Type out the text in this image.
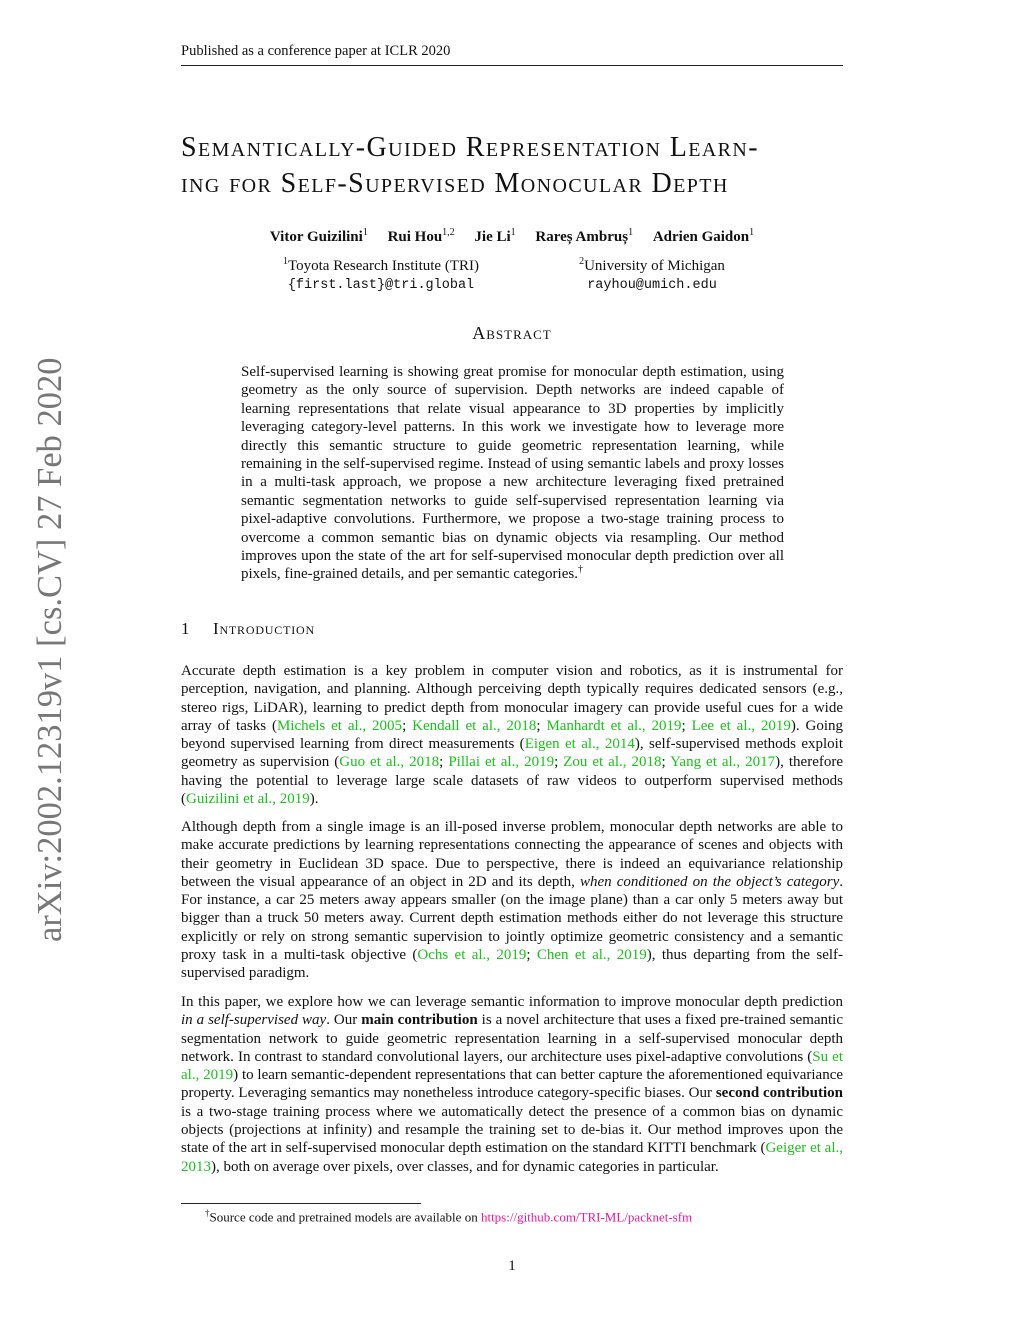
Published as a conference paper at ICLR 2020
arXiv:2002.12319v1 [cs.CV] 27 Feb 2020
Semantically-Guided Representation Learn-
ing for Self-Supervised Monocular Depth
Vitor Guizilini$^1$ Rui Hou$^{1,2}$ Jie Li$^1$ Rareș Ambruș$^1$ Adrien Gaidon$^1$
$^1$Toyota Research Institute (TRI)
{first.last}@tri.global
$^2$University of Michigan
rayhou@umich.edu
Abstract
Self-supervised learning is showing great promise for monocular depth estimation, using geometry as the only source of supervision. Depth networks are indeed capable of learning representations that relate visual appearance to 3D properties by implicitly leveraging category-level patterns. In this work we investigate how to leverage more directly this semantic structure to guide geometric representation learning, while remaining in the self-supervised regime. Instead of using semantic labels and proxy losses in a multi-task approach, we propose a new architecture leveraging fixed pretrained semantic segmentation networks to guide self-supervised representation learning via pixel-adaptive convolutions. Furthermore, we propose a two-stage training process to overcome a common semantic bias on dynamic objects via resampling. Our method improves upon the state of the art for self-supervised monocular depth prediction over all pixels, fine-grained details, and per semantic categories.†
1 Introduction
Accurate depth estimation is a key problem in computer vision and robotics, as it is instrumental for perception, navigation, and planning. Although perceiving depth typically requires dedicated sensors (e.g., stereo rigs, LiDAR), learning to predict depth from monocular imagery can provide useful cues for a wide array of tasks (Michels et al., 2005; Kendall et al., 2018; Manhardt et al., 2019; Lee et al., 2019). Going beyond supervised learning from direct measurements (Eigen et al., 2014), self-supervised methods exploit geometry as supervision (Guo et al., 2018; Pillai et al., 2019; Zou et al., 2018; Yang et al., 2017), therefore having the potential to leverage large scale datasets of raw videos to outperform supervised methods (Guizilini et al., 2019).
Although depth from a single image is an ill-posed inverse problem, monocular depth networks are able to make accurate predictions by learning representations connecting the appearance of scenes and objects with their geometry in Euclidean 3D space. Due to perspective, there is indeed an equivariance relationship between the visual appearance of an object in 2D and its depth, when conditioned on the object’s category. For instance, a car 25 meters away appears smaller (on the image plane) than a car only 5 meters away but bigger than a truck 50 meters away. Current depth estimation methods either do not leverage this structure explicitly or rely on strong semantic supervision to jointly optimize geometric consistency and a semantic proxy task in a multi-task objective (Ochs et al., 2019; Chen et al., 2019), thus departing from the self-supervised paradigm.
In this paper, we explore how we can leverage semantic information to improve monocular depth prediction in a self-supervised way. Our main contribution is a novel architecture that uses a fixed pre-trained semantic segmentation network to guide geometric representation learning in a self-supervised monocular depth network. In contrast to standard convolutional layers, our architecture uses pixel-adaptive convolutions (Su et al., 2019) to learn semantic-dependent representations that can better capture the aforementioned equivariance property. Leveraging semantics may nonetheless introduce category-specific biases. Our second contribution is a two-stage training process where we automatically detect the presence of a common bias on dynamic objects (projections at infinity) and resample the training set to de-bias it. Our method improves upon the state of the art in self-supervised monocular depth estimation on the standard KITTI benchmark (Geiger et al., 2013), both on average over pixels, over classes, and for dynamic categories in particular.
†Source code and pretrained models are available on https://github.com/TRI-ML/packnet-sfm
1
